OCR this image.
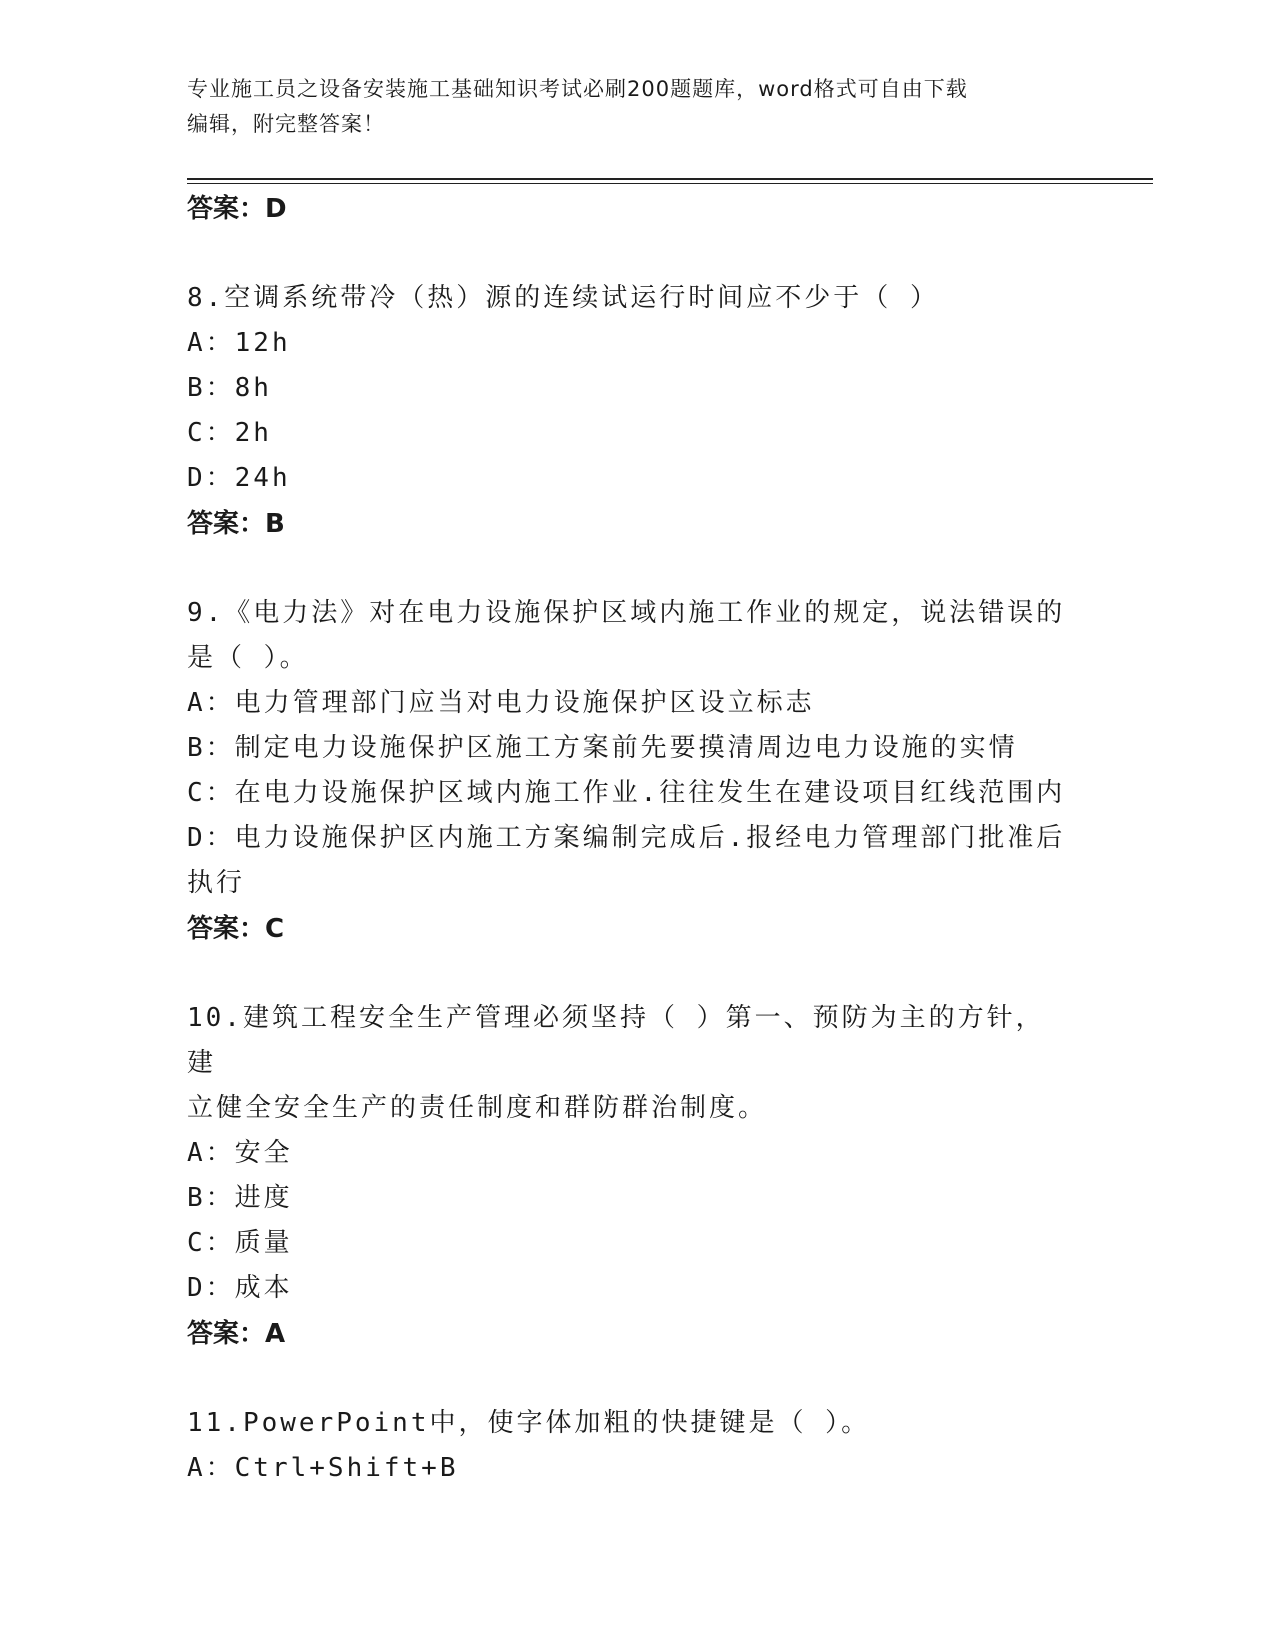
专业施工员之设备安装施工基础知识考试必刷200题题库，word格式可自由下载
编辑，附完整答案！
答案：D
8.空调系统带冷（热）源的连续试运行时间应不少于（ ）
A：12h
B：8h
C：2h
D：24h
答案：B
9.《电力法》对在电力设施保护区域内施工作业的规定，说法错误的
是（ ）。
A：电力管理部门应当对电力设施保护区设立标志
B：制定电力设施保护区施工方案前先要摸清周边电力设施的实情
C：在电力设施保护区域内施工作业.往往发生在建设项目红线范围内
D：电力设施保护区内施工方案编制完成后.报经电力管理部门批准后
执行
答案：C
10.建筑工程安全生产管理必须坚持（ ）第一、预防为主的方针，建
立健全安全生产的责任制度和群防群治制度。
A：安全
B：进度
C：质量
D：成本
答案：A
11.PowerPoint中，使字体加粗的快捷键是（ ）。
A：Ctrl+Shift+B
